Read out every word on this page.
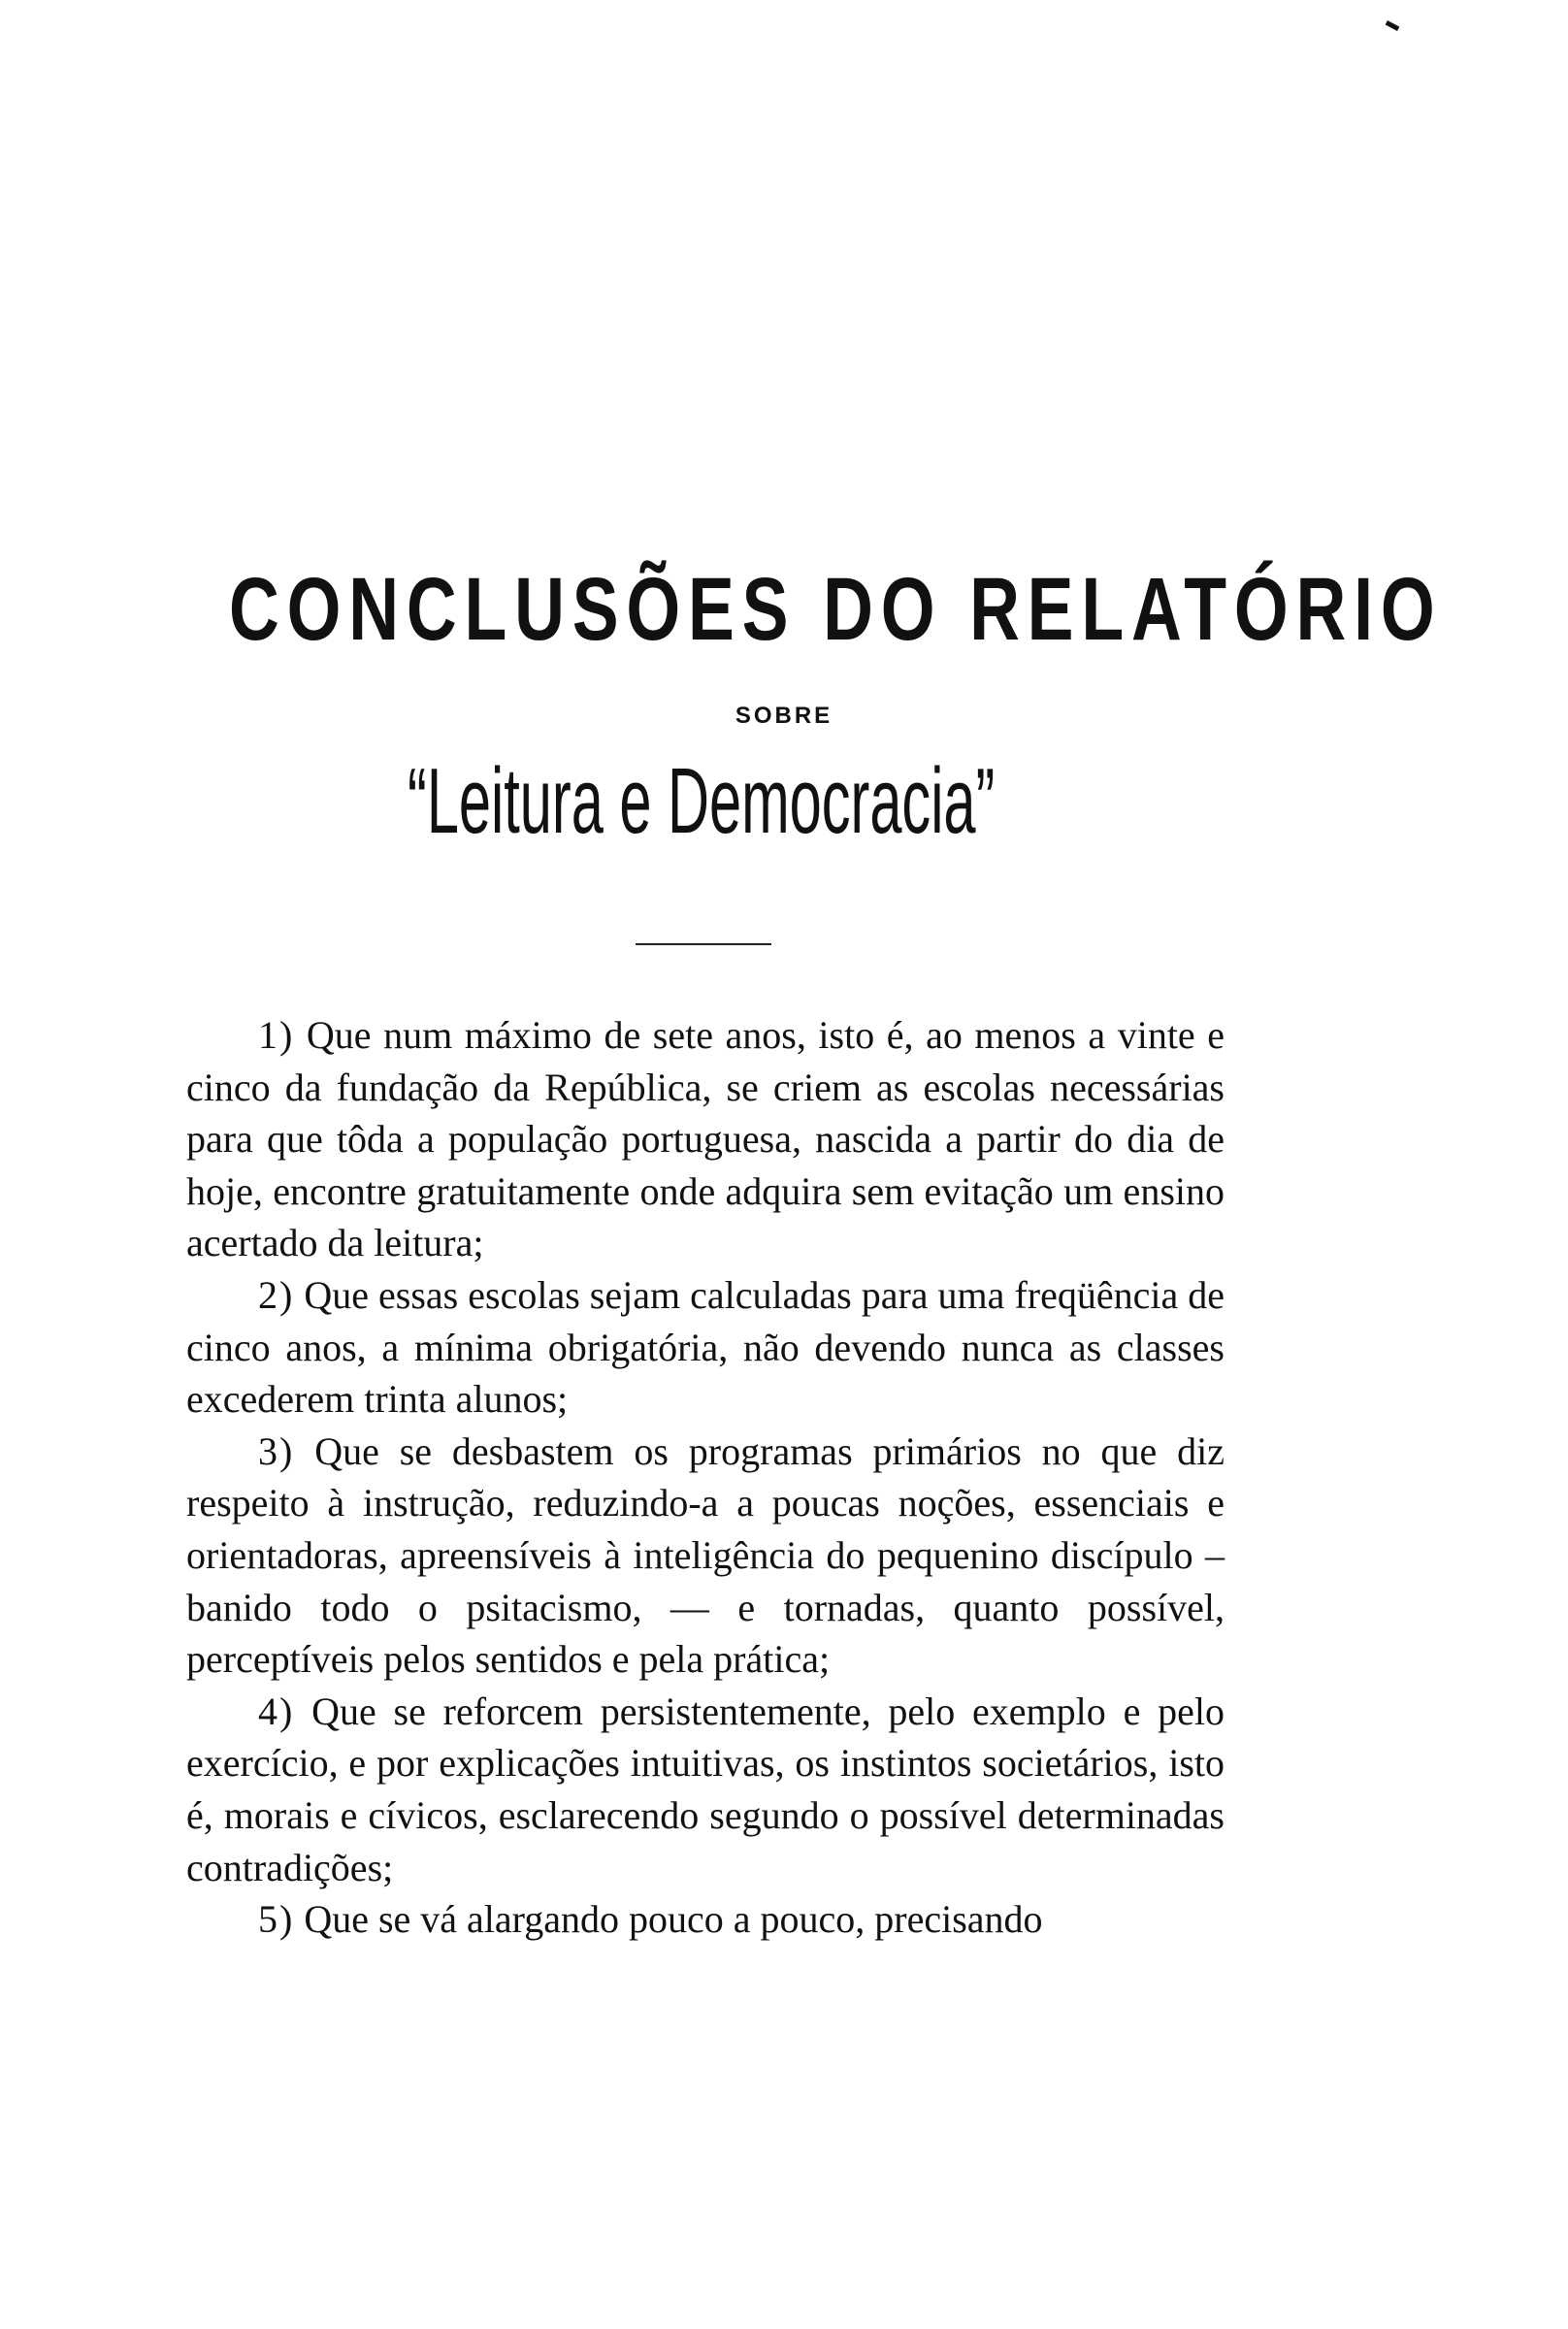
CONCLUSÕES DO RELATÓRIO
SOBRE
“Leitura e Democracia”

1) Que num máximo de sete anos, isto é, ao menos a vinte e cinco da fundação da República, se criem as escolas necessárias para que tôda a população portuguesa, nascida a partir do dia de hoje, encontre gratuitamente onde adquira sem evitação um ensino acertado da leitura;

2) Que essas escolas sejam calculadas para uma freqüência de cinco anos, a mínima obrigatória, não devendo nunca as classes excederem trinta alunos;

3) Que se desbastem os programas primários no que diz respeito à instrução, reduzindo-a a poucas noções, essenciais e orientadoras, apreensíveis à inteligência do pequenino discípulo – banido todo o psitacismo, — e tornadas, quanto possível, perceptíveis pelos sentidos e pela prática;

4) Que se reforcem persistentemente, pelo exemplo e pelo exercício, e por explicações intuitivas, os instintos societários, isto é, morais e cívicos, esclarecendo segundo o possível determinadas contradições;

5) Que se vá alargando pouco a pouco, precisando
